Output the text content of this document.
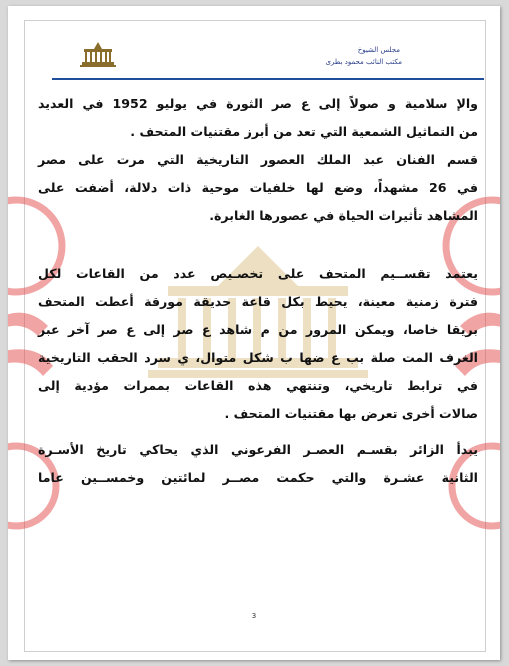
مجلس الشيوخ
مكتب النائب محمود بطرى
والإ سلامية و صولاً إلى ع صر الثورة في يوليو 1952 في العديد
من التماثيل الشمعية التي تعد من أبرز مقتنيات المتحف .
قسم الفنان عبد الملك العصور التاريخية التي مرت على مصر
في 26 مشهداً، وضع لها خلفيات موحية ذات دلالة، أضفت على
المشاهد تأثيرات الحياة في عصورها الغابرة.
يعتمد تقســيم المتحف على تخصـيص عدد من القاعات لكل
فترة زمنية معينة، يحيط بكل قاعة حديقة مورقة أعطت المتحف
بريقا خاصا، ويمكن المرور من م شاهد ع صر إلى ع صر آخر عبر
الغرف المت صلة بب ع ضها ب شكل متوال، ي سرد الحقب التاريخية
في ترابط تاريخي، وتنتهي هذه القاعات بممرات مؤدية إلى
صالات أخرى تعرض بها مقتنيات المتحف .
يبدأ الزائر بقسـم العصـر الفرعوني الذي يحاكي تاريخ الأسـرة
الثانية عشـرة والتي حكمت مصــر لمائتين وخمســين عاما
3
